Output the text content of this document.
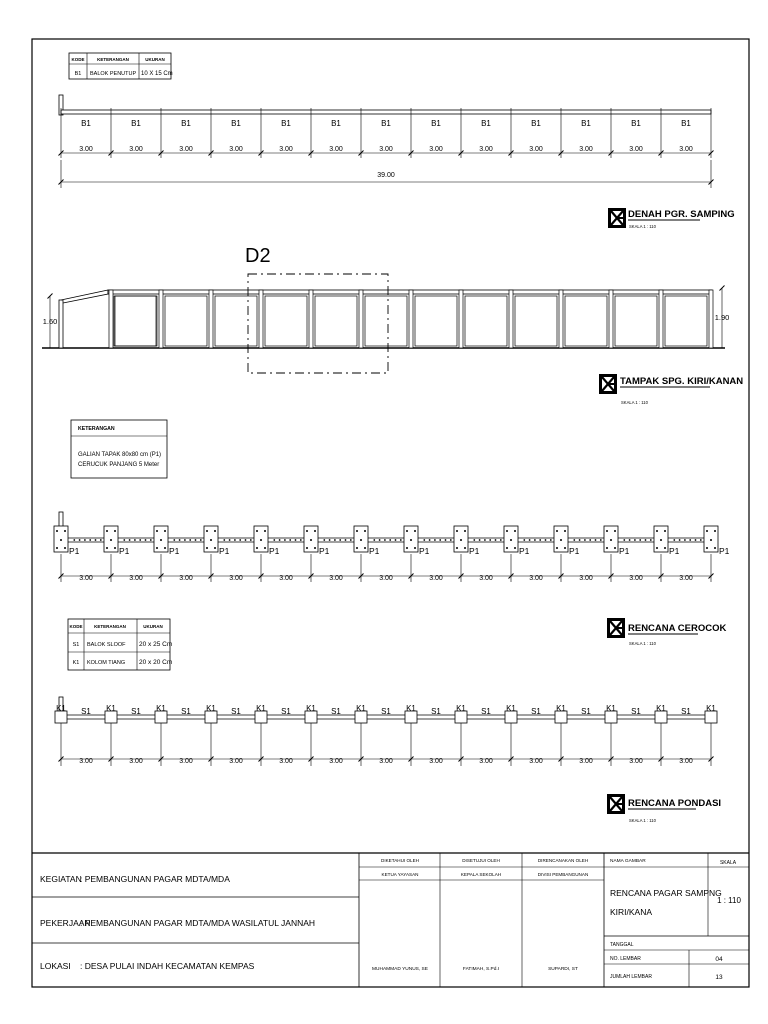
KODE	KETERANGAN	UKURAN
B1 BALOK PENUTUP 10 X 15 Cm
B1
3.00
B1
3.00
B1
3.00
B1
3.00
B1
3.00
B1
3.00
B1
3.00
B1
3.00
B1
3.00
B1
3.00
B1
3.00
B1
3.00
B1
3.00
39.00
DENAH PGR. SAMPING
SKALA 1 : 110
D2
1.60	1.90
TAMPAK SPG. KIRI/KANAN
SKALA 1 : 110
KETERANGAN
GALIAN TAPAK 80x80 cm (P1)
CERUCUK PANJANG 5 Meter
P1	P1	P1	P1	P1	P1	P1	P1	P1	P1	P1	P1	P1	P1
3.00	3.00	3.00	3.00	3.00	3.00	3.00	3.00	3.00	3.00	3.00	3.00	3.00
RENCANA CEROCOK
SKALA 1 : 110
KODE	KETERANGAN	UKURAN
S1 BALOK SLOOF 20 x 25 Cm
K1 KOLOM TIANG 20 x 20 Cm
K1	K1	K1	K1	K1	K1	K1	K1	K1	K1	K1	K1	K1	K1
S1	S1	S1	S1	S1	S1	S1	S1	S1	S1	S1	S1	S1
3.00	3.00	3.00	3.00	3.00	3.00	3.00	3.00	3.00	3.00	3.00	3.00	3.00
RENCANA PONDASI
SKALA 1 : 110
KEGIATAN
: PEMBANGUNAN PAGAR MDTA/MDA
PEKERJAAN
: PEMBANGUNAN PAGAR MDTA/MDA WASILATUL JANNAH
LOKASI : DESA PULAI INDAH KECAMATAN KEMPAS
DIKETAHUI OLEH	DISETUJUI OLEH	DIRENCANAKAN OLEH
KETUA YAYASAN	KEPALA SEKOLAH	DIVISI PEMBANGUNAN
MUHAMMAD YUNUS, SE	FATIMAH, S.Pd.I	SUPARDI, ST
NAMA GAMBAR	SKALA
RENCANA PAGAR SAMPNG
KIRI/KANA
1 : 110
TANGGAL
NO. LEMBAR	04
JUMLAH LEMBAR	13
